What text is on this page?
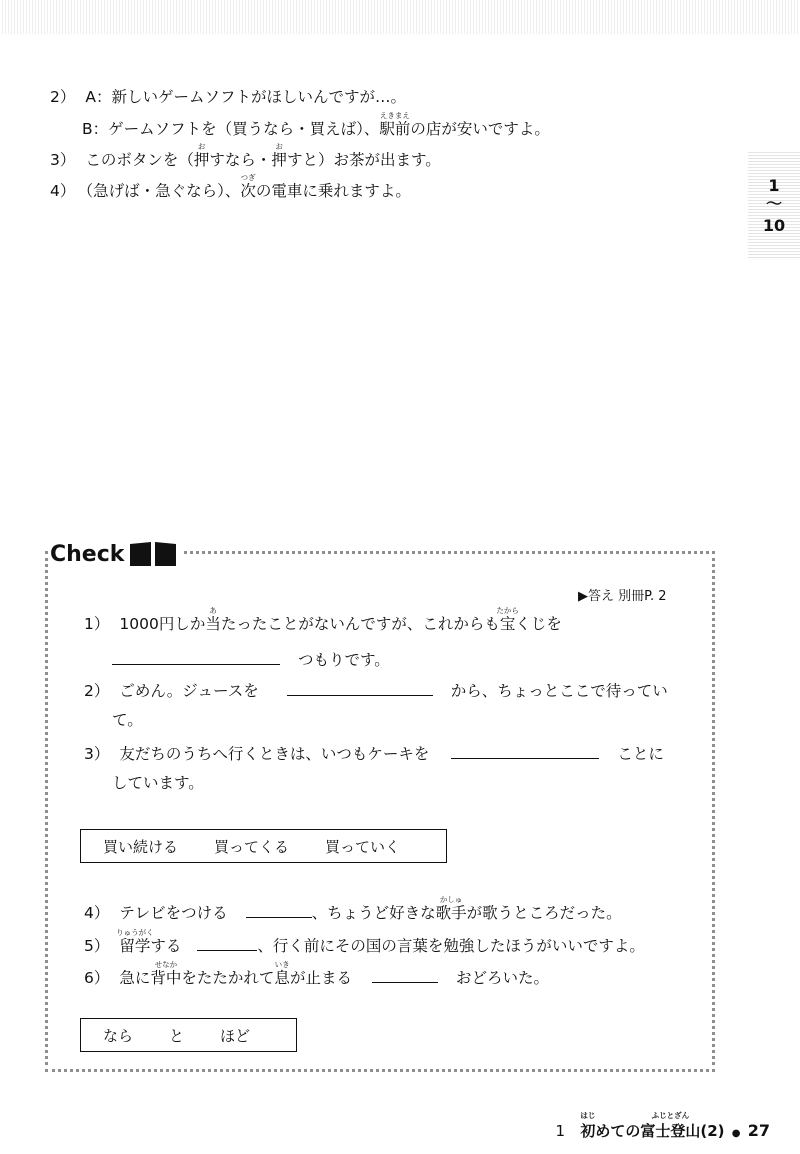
1
〜
10
2） A：新しいゲームソフトがほしいんですが…。
B：ゲームソフトを（買うなら・買えば）、駅前
えきまえ
の店が安いですよ。
3） このボタンを（押
お
すなら・押
お
すと）お茶が出ます。
4） （急げば・急ぐなら）、次
つぎ
の電車に乗れますよ。
Check
▶答え 別冊P. 2
1） 1000円しか当
あ
たったことがないんですが、これからも宝
たから
くじを
つもりです。
2） ごめん。ジュースを	から、ちょっとここで待ってい
て。
3） 友だちのうちへ行くときは、いつもケーキを	ことに
しています。
買い続ける 買ってくる 買っていく
4） テレビをつける	、ちょうど好きな歌手
かしゅ
が歌うところだった。
5） 留学
りゅうがく
する	、行く前にその国の言葉を勉強したほうがいいですよ。
6） 急に背中
せなか
をたたかれて息
いき
が止まる	おどろいた。
なら と ほど
1 初
はじ
めての富士登山
ふじとざん
(2) ● 27
